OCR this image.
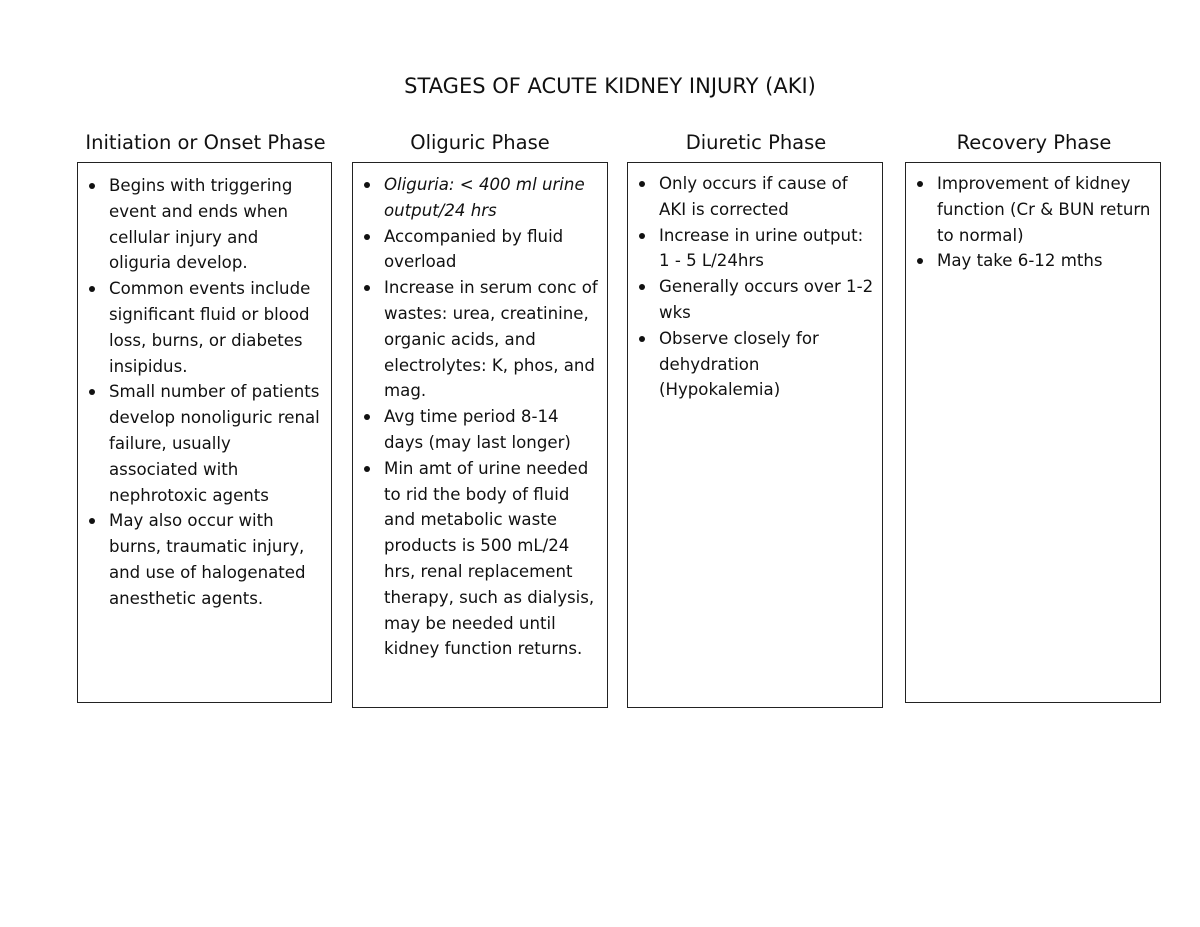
STAGES OF ACUTE KIDNEY INJURY (AKI)
Initiation or Onset Phase
Begins with triggering event and ends when cellular injury and oliguria develop.
Common events include significant fluid or blood loss, burns, or diabetes insipidus.
Small number of patients develop nonoliguric renal failure, usually associated with nephrotoxic agents
May also occur with burns, traumatic injury, and use of halogenated anesthetic agents.
Oliguric Phase
Oliguria: < 400 ml urine output/24 hrs
Accompanied by fluid overload
Increase in serum conc of wastes: urea, creatinine, organic acids, and electrolytes: K, phos, and mag.
Avg time period 8-14 days (may last longer)
Min amt of urine needed to rid the body of fluid and metabolic waste products is 500 mL/24 hrs, renal replacement therapy, such as dialysis, may be needed until kidney function returns.
Diuretic Phase
Only occurs if cause of AKI is corrected
Increase in urine output: 1 - 5 L/24hrs
Generally occurs over 1-2 wks
Observe closely for dehydration (Hypokalemia)
Recovery Phase
Improvement of kidney function (Cr & BUN return to normal)
May take 6-12 mths
